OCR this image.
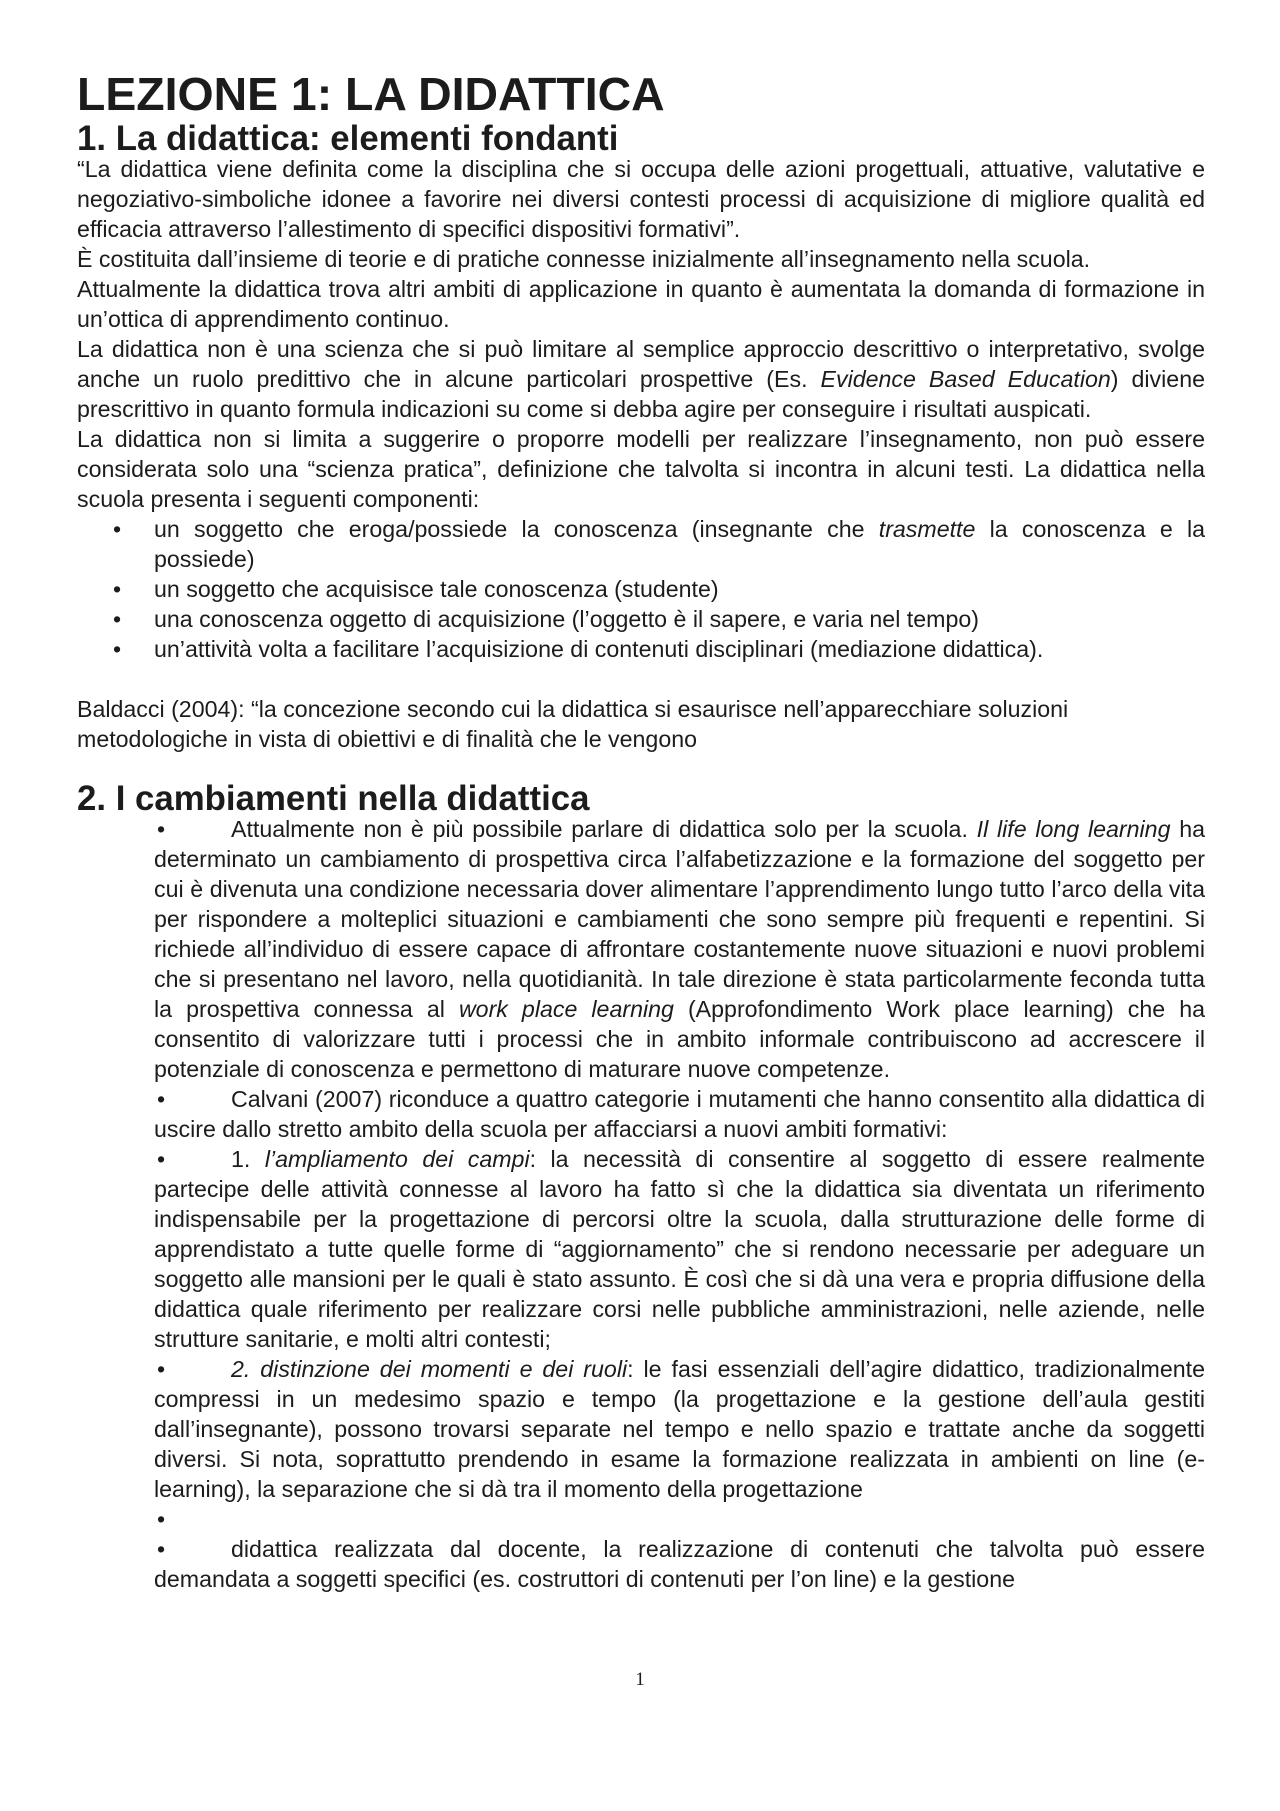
LEZIONE 1: LA DIDATTICA
1. La didattica: elementi fondanti

“La didattica viene definita come la disciplina che si occupa delle azioni progettuali, attuative, valutative e negoziativo-simboliche idonee a favorire nei diversi contesti processi di acquisizione di migliore qualità ed efficacia attraverso l’allestimento di specifici dispositivi formativi”.

È costituita dall’insieme di teorie e di pratiche connesse inizialmente all’insegnamento nella scuola.

Attualmente la didattica trova altri ambiti di applicazione in quanto è aumentata la domanda di formazione in un’ottica di apprendimento continuo.

La didattica non è una scienza che si può limitare al semplice approccio descrittivo o interpretativo, svolge anche un ruolo predittivo che in alcune particolari prospettive (Es. Evidence Based Education) diviene prescrittivo in quanto formula indicazioni su come si debba agire per conseguire i risultati auspicati.

La didattica non si limita a suggerire o proporre modelli per realizzare l’insegnamento, non può essere considerata solo una “scienza pratica”, definizione che talvolta si incontra in alcuni testi. La didattica nella scuola presenta i seguenti componenti:

• un soggetto che eroga/possiede la conoscenza (insegnante che trasmette la conoscenza e la possiede)
• un soggetto che acquisisce tale conoscenza (studente)
• una conoscenza oggetto di acquisizione (l’oggetto è il sapere, e varia nel tempo)
• un’attività volta a facilitare l’acquisizione di contenuti disciplinari (mediazione didattica).

Baldacci (2004): “la concezione secondo cui la didattica si esaurisce nell’apparecchiare soluzioni metodologiche in vista di obiettivi e di finalità che le vengono

2. I cambiamenti nella didattica
•	Attualmente non è più possibile parlare di didattica solo per la scuola. Il life long learning ha determinato un cambiamento di prospettiva circa l’alfabetizzazione e la formazione del soggetto per cui è divenuta una condizione necessaria dover alimentare l’apprendimento lungo tutto l’arco della vita per rispondere a molteplici situazioni e cambiamenti che sono sempre più frequenti e repentini. Si richiede all’individuo di essere capace di affrontare costantemente nuove situazioni e nuovi problemi che si presentano nel lavoro, nella quotidianità. In tale direzione è stata particolarmente feconda tutta la prospettiva connessa al work place learning (Approfondimento Work place learning) che ha consentito di valorizzare tutti i processi che in ambito informale contribuiscono ad accrescere il potenziale di conoscenza e permettono di maturare nuove competenze.
•	Calvani (2007) riconduce a quattro categorie i mutamenti che hanno consentito alla didattica di uscire dallo stretto ambito della scuola per affacciarsi a nuovi ambiti formativi:
•	1. l’ampliamento dei campi: la necessità di consentire al soggetto di essere realmente partecipe delle attività connesse al lavoro ha fatto sì che la didattica sia diventata un riferimento indispensabile per la progettazione di percorsi oltre la scuola, dalla strutturazione delle forme di apprendistato a tutte quelle forme di “aggiornamento” che si rendono necessarie per adeguare un soggetto alle mansioni per le quali è stato assunto. È così che si dà una vera e propria diffusione della didattica quale riferimento per realizzare corsi nelle pubbliche amministrazioni, nelle aziende, nelle strutture sanitarie, e molti altri contesti;
•	2. distinzione dei momenti e dei ruoli: le fasi essenziali dell’agire didattico, tradizionalmente compressi in un medesimo spazio e tempo (la progettazione e la gestione dell’aula gestiti dall’insegnante), possono trovarsi separate nel tempo e nello spazio e trattate anche da soggetti diversi. Si nota, soprattutto prendendo in esame la formazione realizzata in ambienti on line (e-learning), la separazione che si dà tra il momento della progettazione
•

•	didattica realizzata dal docente, la realizzazione di contenuti che talvolta può essere demandata a soggetti specifici (es. costruttori di contenuti per l’on line) e la gestione
1
